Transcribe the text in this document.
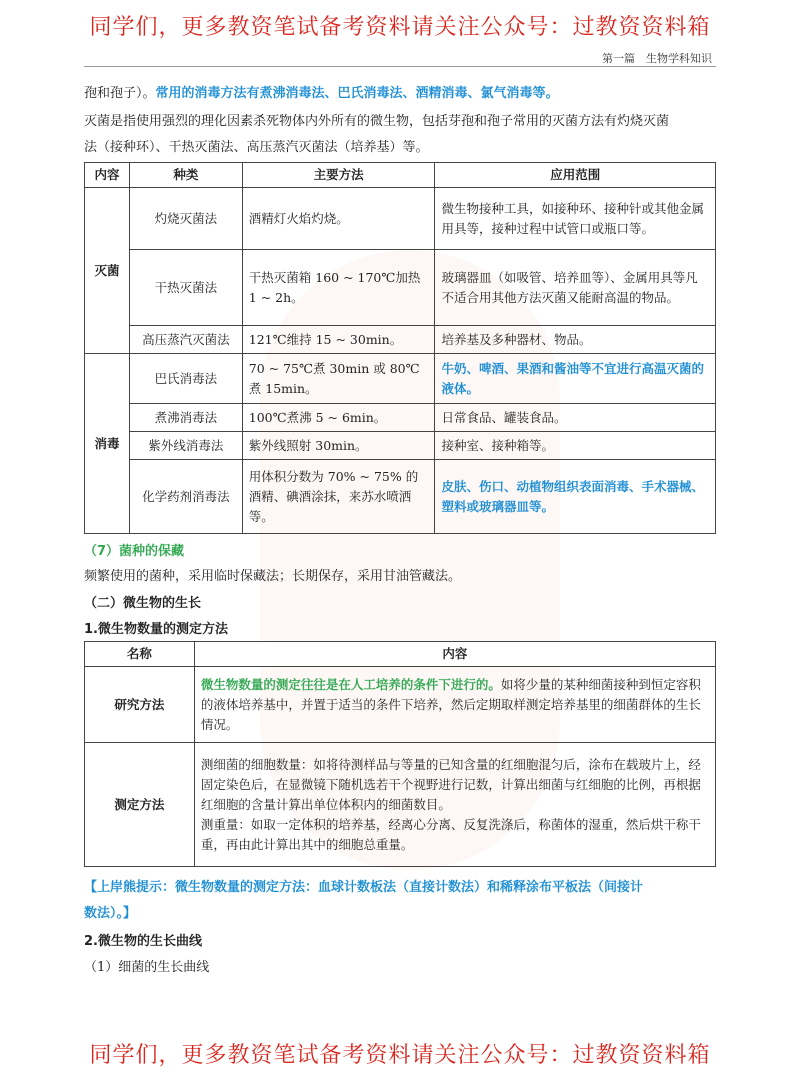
同学们，更多教资笔试备考资料请关注公众号：过教资资料箱
第一篇　生物学科知识
孢和孢子）。常用的消毒方法有煮沸消毒法、巴氏消毒法、酒精消毒、氯气消毒等。
灭菌是指使用强烈的理化因素杀死物体内外所有的微生物，包括芽孢和孢子常用的灭菌方法有灼烧灭菌
法（接种环）、干热灭菌法、高压蒸汽灭菌法（培养基）等。
内容	种类	主要方法	应用范围
灭菌	灼烧灭菌法	酒精灯火焰灼烧。	微生物接种工具，如接种环、接种针或其他金属用具等，接种过程中试管口或瓶口等。
	干热灭菌法	干热灭菌箱 160 ~ 170℃加热 1 ~ 2h。	玻璃器皿（如吸管、培养皿等）、金属用具等凡不适合用其他方法灭菌又能耐高温的物品。
	高压蒸汽灭菌法	121℃维持 15 ~ 30min。	培养基及多种器材、物品。
消毒	巴氏消毒法	70 ~ 75℃煮 30min 或 80℃煮 15min。	牛奶、啤酒、果酒和酱油等不宜进行高温灭菌的液体。
	煮沸消毒法	100℃煮沸 5 ~ 6min。	日常食品、罐装食品。
	紫外线消毒法	紫外线照射 30min。	接种室、接种箱等。
	化学药剂消毒法	用体积分数为 70% ~ 75% 的酒精、碘酒涂抹，来苏水喷洒等。	皮肤、伤口、动植物组织表面消毒、手术器械、塑料或玻璃器皿等。
（7）菌种的保藏
频繁使用的菌种，采用临时保藏法；长期保存，采用甘油管藏法。
（二）微生物的生长
1.微生物数量的测定方法
名称	内容
研究方法	微生物数量的测定往往是在人工培养的条件下进行的。如将少量的某种细菌接种到恒定容积的液体培养基中，并置于适当的条件下培养，然后定期取样测定培养基里的细菌群体的生长情况。
测定方法	测细菌的细胞数量：如将待测样品与等量的已知含量的红细胞混匀后，涂布在载玻片上，经固定染色后，在显微镜下随机选若干个视野进行记数，计算出细菌与红细胞的比例，再根据红细胞的含量计算出单位体积内的细菌数目。
测重量：如取一定体积的培养基，经离心分离、反复洗涤后，称菌体的湿重，然后烘干称干重，再由此计算出其中的细胞总重量。
【上岸熊提示：微生物数量的测定方法：血球计数板法（直接计数法）和稀释涂布平板法（间接计
数法）。】
2.微生物的生长曲线
（1）细菌的生长曲线
同学们，更多教资笔试备考资料请关注公众号：过教资资料箱
